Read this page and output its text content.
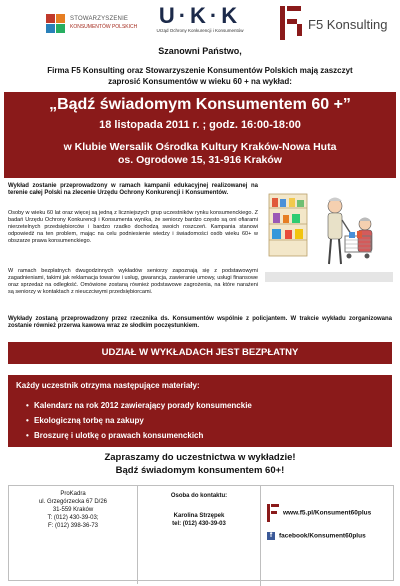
STOWARZYSZENIE
KONSUMENTÓW POLSKICH U·K·K
Urząd Ochrony Konkurencji i Konsumentów	F5 Konsulting
Szanowni Państwo,
Firma F5 Konsulting oraz Stowarzyszenie Konsumentów Polskich mają zaszczyt zaprosić Konsumentów w wieku 60 + na wykład:
„Bądź świadomym Konsumentem 60 +”
18 listopada 2011 r. ; godz. 16:00-18:00
w Klubie Wersalik Ośrodka Kultury Kraków-Nowa Huta
os. Ogrodowe 15, 31-916 Kraków
Wykład zostanie przeprowadzony w ramach kampanii edukacyjnej realizowanej na terenie całej Polski na zlecenie Urzędu Ochrony Konkurencji i Konsumentów.
Osoby w wieku 60 lat oraz więcej są jedną z liczniejszych grup uczestników rynku konsumenckiego. Z badań Urzędu Ochrony Konkurencji i Konsumenta wynika, że seniorzy bardzo często są oni ofiarami nierzetelnych przedsiębiorców i bardzo rzadko dochodzą swoich roszczeń. Kampania stanowi odpowiedź na ten problem, mając na celu podniesienie wiedzy i świadomości osób wieku 60+ w obszarze prawa konsumenckiego.
W ramach bezpłatnych dwugodzinnych wykładów seniorzy zapoznają się z podstawowymi zagadnieniami, takimi jak reklamacja towarów i usług, gwarancja, zawieranie umowy, usługi finansowe oraz sprzedaż na odległość. Omówione zostaną również podstawowe zagrożenia, na które narażeni są seniorzy w kontaktach z nieuczciwymi przedsiębiorcami.
Wykłady zostaną przeprowadzony przez rzecznika ds. Konsumentów wspólnie z policjantem. W trakcie wykładu zorganizowana zostanie również przerwa kawowa wraz ze słodkim poczęstunkiem.
UDZIAŁ W WYKŁADACH JEST BEZPŁATNY
Każdy uczestnik otrzyma następujące materiały:
• Kalendarz na rok 2012 zawierający porady konsumenckie
• Ekologiczną torbę na zakupy
• Broszurę i ulotkę o prawach konsumenckich
Zapraszamy do uczestnictwa w wykładzie!
Bądź świadomym konsumentem 60+!
ProKadra
ul. Grzegórzecka 67 D/26
31-559 Kraków
T: (012) 430-39-03;
F: (012) 398-36-73
Osoba do kontaktu:
Karolina Strzępek
tel: (012) 430-39-03
www.f5.pl/Konsument60plus
f facebook/Konsument60plus
